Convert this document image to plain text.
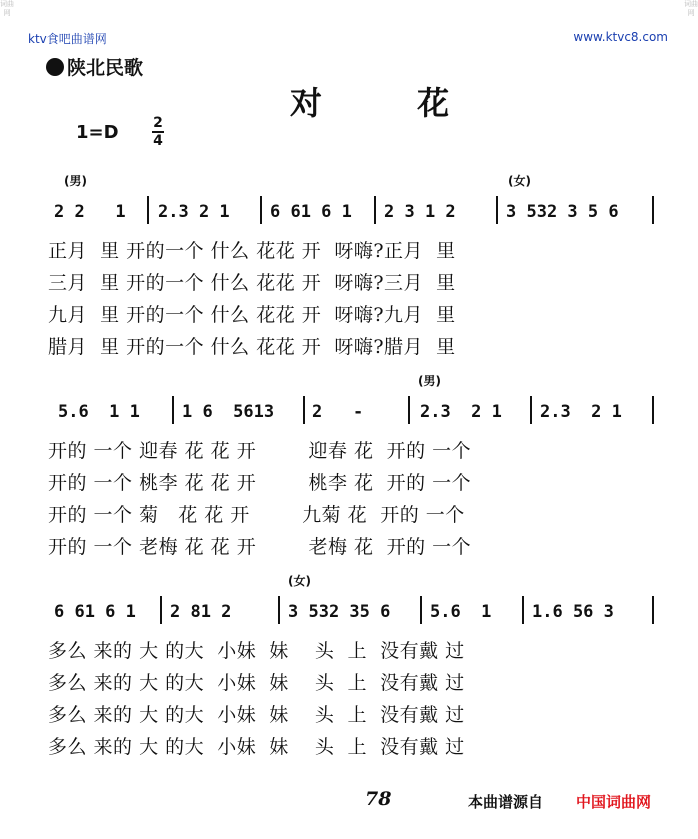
词曲网
词曲网
ktv食吧曲谱网	www.ktvc8.com
陕北民歌
对 花
1=D 2
4
(男)	(女)
2 2   1 2.3 2 1 6 61 6 1 2 3 1 2	3 532 3 5 6
正月  里 开的一个 什么 花花 开  呀嗨?正月  里
三月  里 开的一个 什么 花花 开  呀嗨?三月  里
九月  里 开的一个 什么 花花 开  呀嗨?九月  里
腊月  里 开的一个 什么 花花 开  呀嗨?腊月  里
(男)
5.6  1 1 1 6  5613 2   -	2.3  2 1 2.3  2 1
开的 一个 迎春 花 花 开        迎春 花  开的 一个
开的 一个 桃李 花 花 开        桃李 花  开的 一个
开的 一个 菊   花 花 开        九菊 花  开的 一个
开的 一个 老梅 花 花 开        老梅 花  开的 一个
(女)
6 61 6 1 2 81 2	3 532 35 6 5.6  1 1.6 56 3
多么 来的 大 的大  小妹  妹    头  上  没有戴 过
多么 来的 大 的大  小妹  妹    头  上  没有戴 过
多么 来的 大 的大  小妹  妹    头  上  没有戴 过
多么 来的 大 的大  小妹  妹    头  上  没有戴 过
78	本曲谱源自 中国词曲网
